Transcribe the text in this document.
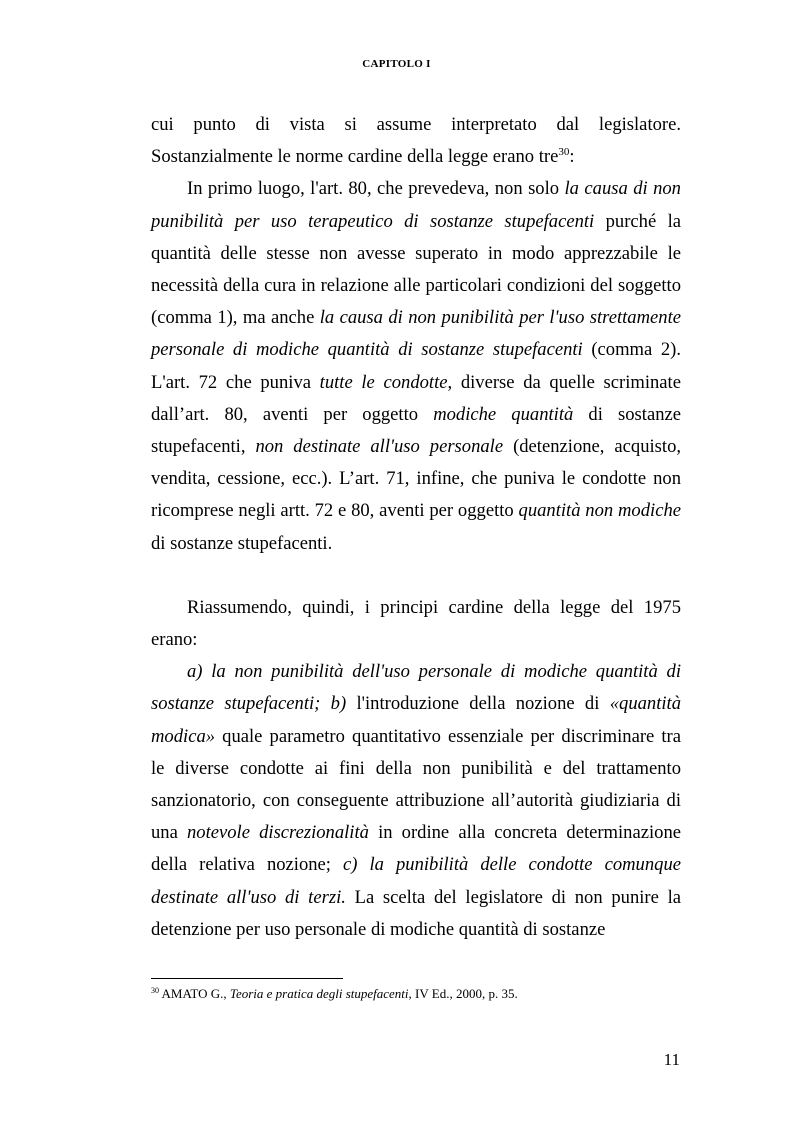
CAPITOLO I

cui punto di vista si assume interpretato dal legislatore. Sostanzialmente le norme cardine della legge erano tre$^{30}$:

In primo luogo, l'art. 80, che prevedeva, non solo la causa di non punibilità per uso terapeutico di sostanze stupefacenti purché la quantità delle stesse non avesse superato in modo apprezzabile le necessità della cura in relazione alle particolari condizioni del soggetto (comma 1), ma anche la causa di non punibilità per l'uso strettamente personale di modiche quantità di sostanze stupefacenti (comma 2). L'art. 72 che puniva tutte le condotte, diverse da quelle scriminate dall’art. 80, aventi per oggetto modiche quantità di sostanze stupefacenti, non destinate all'uso personale (detenzione, acquisto, vendita, cessione, ecc.). L’art. 71, infine, che puniva le condotte non ricomprese negli artt. 72 e 80, aventi per oggetto quantità non modiche di sostanze stupefacenti.

Riassumendo, quindi, i principi cardine della legge del 1975 erano:

a) la non punibilità dell'uso personale di modiche quantità di sostanze stupefacenti; b) l'introduzione della nozione di «quantità modica» quale parametro quantitativo essenziale per discriminare tra le diverse condotte ai fini della non punibilità e del trattamento sanzionatorio, con conseguente attribuzione all’autorità giudiziaria di una notevole discrezionalità in ordine alla concreta determinazione della relativa nozione; c) la punibilità delle condotte comunque destinate all'uso di terzi. La scelta del legislatore di non punire la detenzione per uso personale di modiche quantità di sostanze

$^{30}$ AMATO G., Teoria e pratica degli stupefacenti, IV Ed., 2000, p. 35.
11
